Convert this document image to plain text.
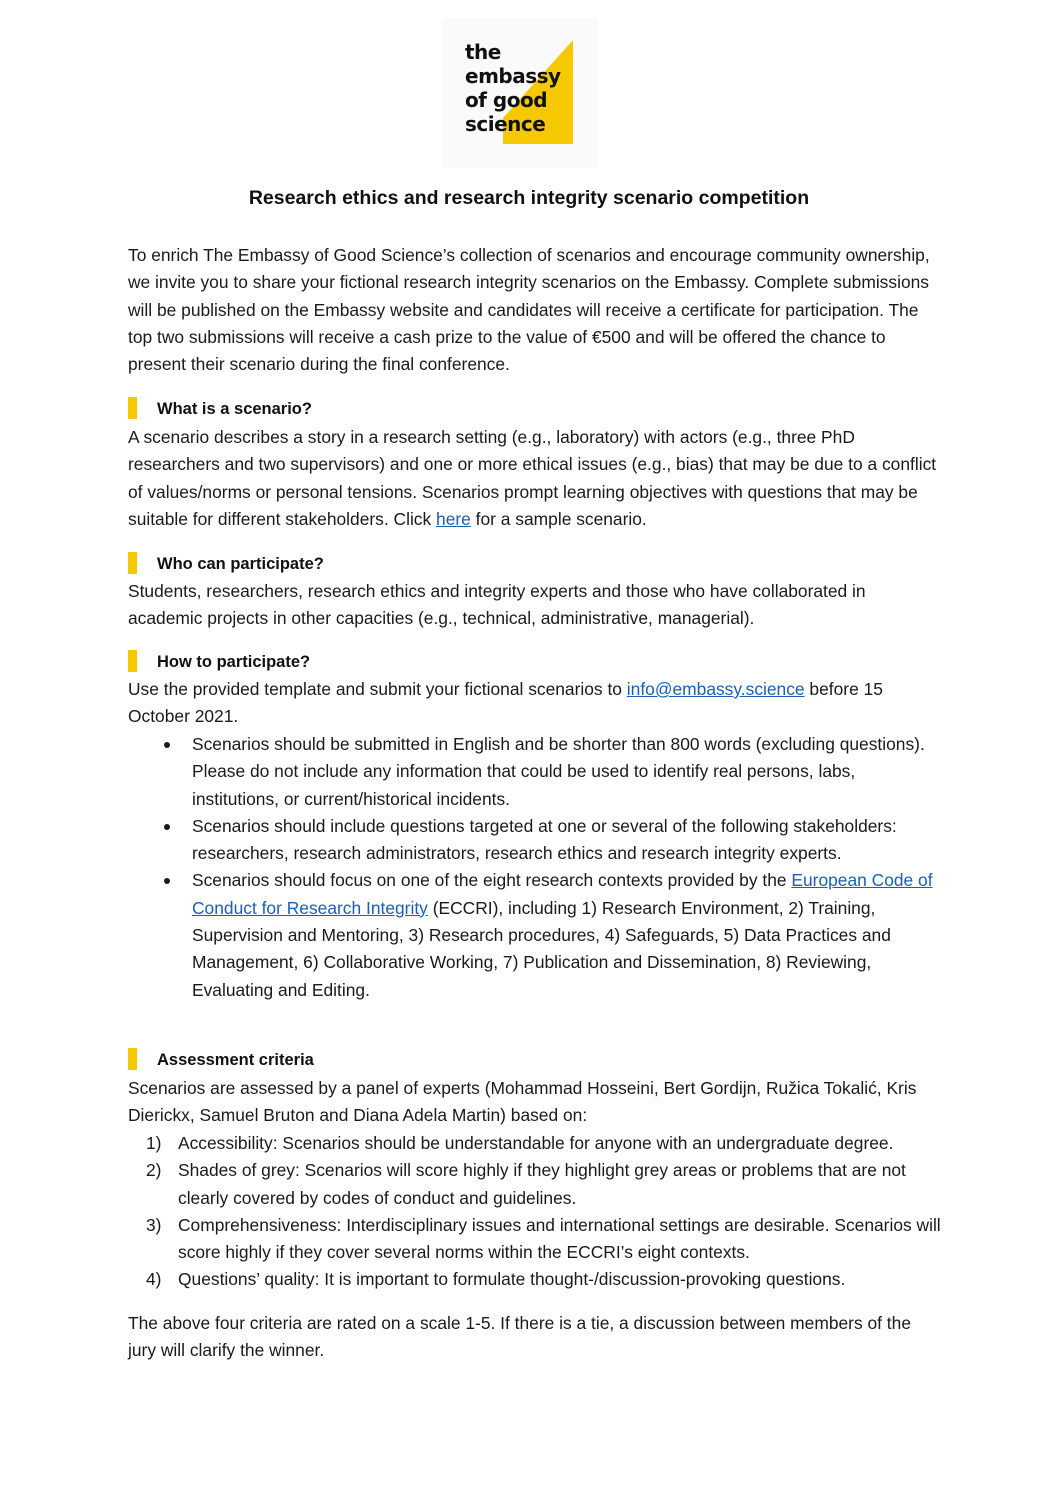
the
embassy
of good
science
Research ethics and research integrity scenario competition
To enrich The Embassy of Good Science’s collection of scenarios and encourage community ownership, we invite you to share your fictional research integrity scenarios on the Embassy. Complete submissions will be published on the Embassy website and candidates will receive a certificate for participation. The top two submissions will receive a cash prize to the value of €500 and will be offered the chance to present their scenario during the final conference.
What is a scenario?
A scenario describes a story in a research setting (e.g., laboratory) with actors (e.g., three PhD researchers and two supervisors) and one or more ethical issues (e.g., bias) that may be due to a conflict of values/norms or personal tensions. Scenarios prompt learning objectives with questions that may be suitable for different stakeholders. Click here for a sample scenario.
Who can participate?
Students, researchers, research ethics and integrity experts and those who have collaborated in academic projects in other capacities (e.g., technical, administrative, managerial).
How to participate?
Use the provided template and submit your fictional scenarios to info@embassy.science before 15 October 2021.
Scenarios should be submitted in English and be shorter than 800 words (excluding questions). Please do not include any information that could be used to identify real persons, labs, institutions, or current/historical incidents.
Scenarios should include questions targeted at one or several of the following stakeholders: researchers, research administrators, research ethics and research integrity experts.
Scenarios should focus on one of the eight research contexts provided by the European Code of Conduct for Research Integrity (ECCRI), including 1) Research Environment, 2) Training, Supervision and Mentoring, 3) Research procedures, 4) Safeguards, 5) Data Practices and Management, 6) Collaborative Working, 7) Publication and Dissemination, 8) Reviewing, Evaluating and Editing.
Assessment criteria
Scenarios are assessed by a panel of experts (Mohammad Hosseini, Bert Gordijn, Ružica Tokalić, Kris Dierickx, Samuel Bruton and Diana Adela Martin) based on:
1) Accessibility: Scenarios should be understandable for anyone with an undergraduate degree.
2) Shades of grey: Scenarios will score highly if they highlight grey areas or problems that are not clearly covered by codes of conduct and guidelines.
3) Comprehensiveness: Interdisciplinary issues and international settings are desirable. Scenarios will score highly if they cover several norms within the ECCRI’s eight contexts.
4) Questions’ quality: It is important to formulate thought-/discussion-provoking questions.
The above four criteria are rated on a scale 1-5. If there is a tie, a discussion between members of the jury will clarify the winner.
